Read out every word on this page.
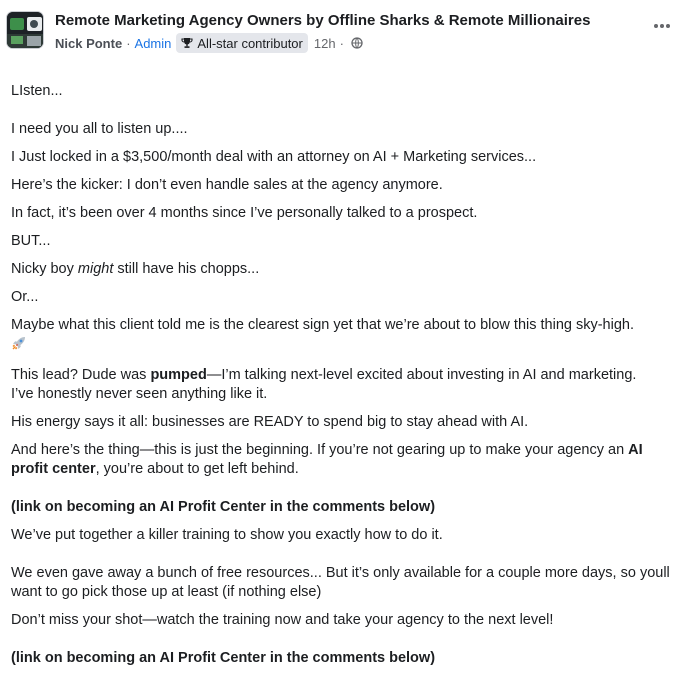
Remote Marketing Agency Owners by Offline Sharks & Remote Millionaires
Nick Ponte · Admin All-star contributor 12h ·

LIsten...

I need you all to listen up....

I Just locked in a $3,500/month deal with an attorney on AI + Marketing services...

Here’s the kicker: I don’t even handle sales at the agency anymore.

In fact, it’s been over 4 months since I’ve personally talked to a prospect.

BUT...

Nicky boy might still have his chopps...

Or...

Maybe what this client told me is the clearest sign yet that we’re about to blow this thing sky-high.

This lead? Dude was pumped—I’m talking next-level excited about investing in AI and marketing.
I’ve honestly never seen anything like it.

His energy says it all: businesses are READY to spend big to stay ahead with AI.

And here’s the thing—this is just the beginning. If you’re not gearing up to make your agency an AI profit center, you’re about to get left behind.

(link on becoming an AI Profit Center in the comments below)

We’ve put together a killer training to show you exactly how to do it.

We even gave away a bunch of free resources... But it’s only available for a couple more days, so youll want to go pick those up at least (if nothing else)

Don’t miss your shot—watch the training now and take your agency to the next level!

(link on becoming an AI Profit Center in the comments below)
